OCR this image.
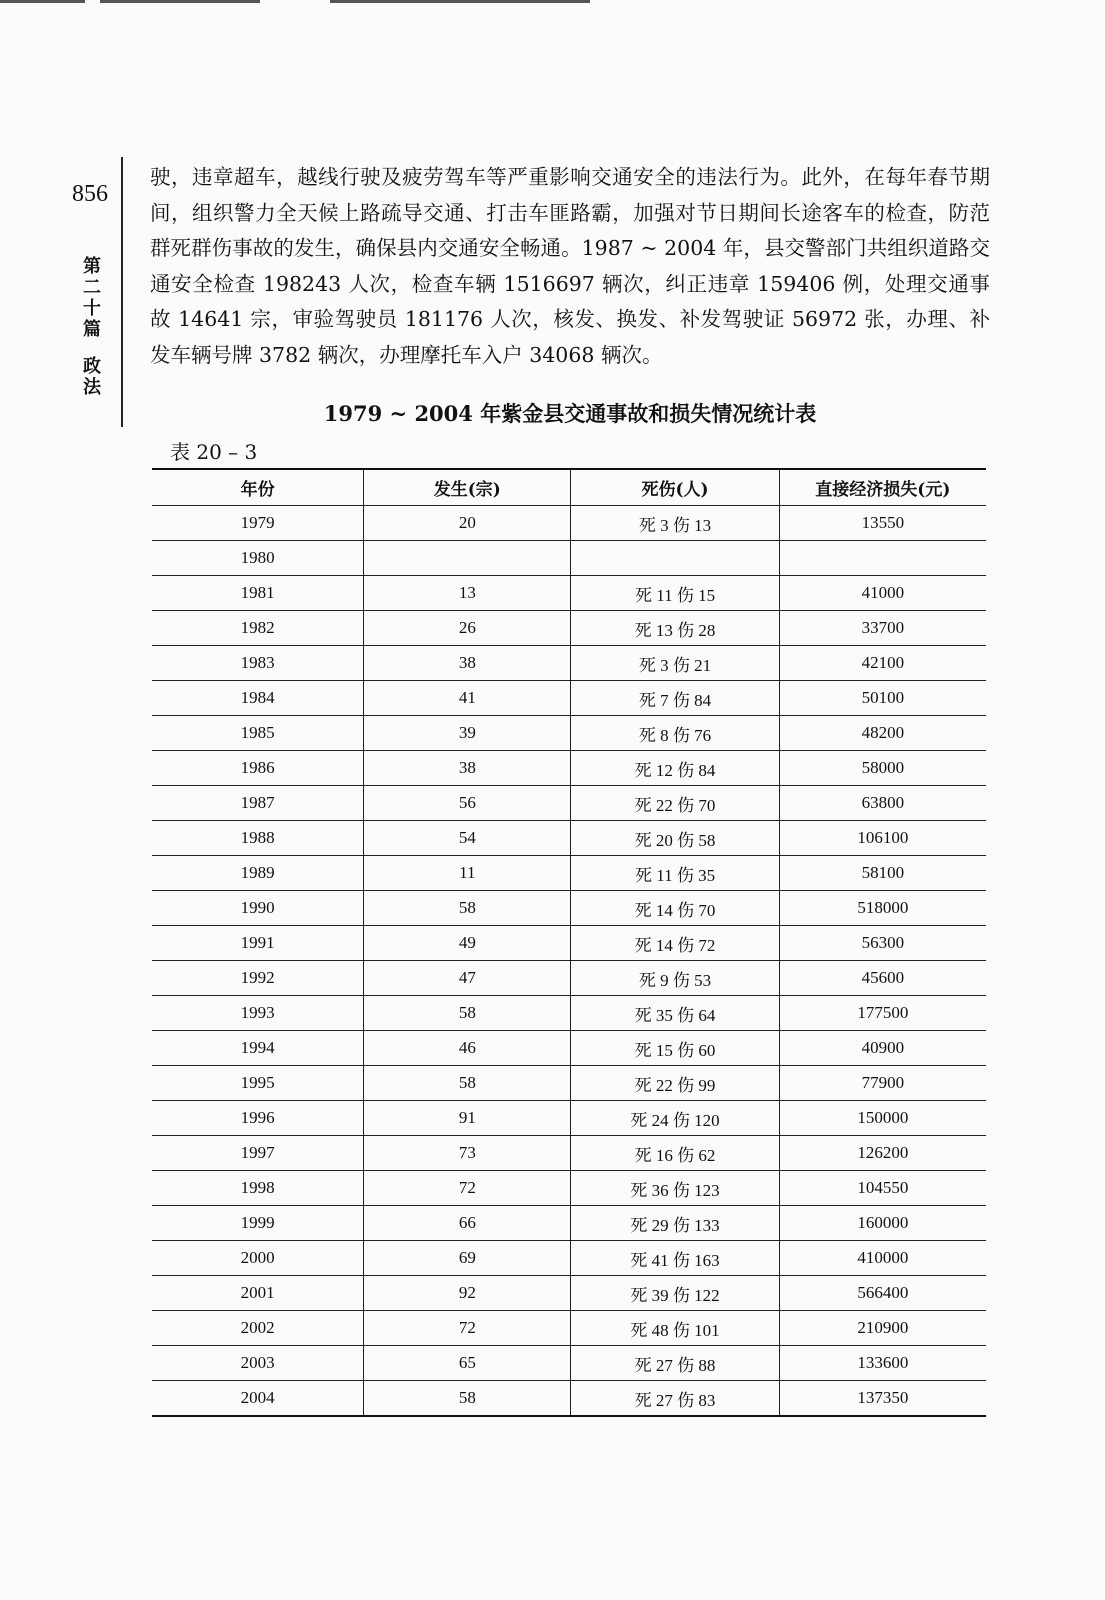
856
第
二
十
篇
政
法
驶，违章超车，越线行驶及疲劳驾车等严重影响交通安全的违法行为。此外，在每年春节期间，组织警力全天候上路疏导交通、打击车匪路霸，加强对节日期间长途客车的检查，防范群死群伤事故的发生，确保县内交通安全畅通。1987 ~ 2004 年，县交警部门共组织道路交通安全检查 198243 人次，检查车辆 1516697 辆次，纠正违章 159406 例，处理交通事故 14641 宗，审验驾驶员 181176 人次，核发、换发、补发驾驶证 56972 张，办理、补发车辆号牌 3782 辆次，办理摩托车入户 34068 辆次。
1979 ~ 2004 年紫金县交通事故和损失情况统计表
表 20 – 3
年份	发生(宗)	死伤(人)	直接经济损失(元)
1979	20	死 3 伤 13	13550
1980			
1981	13	死 11 伤 15	41000
1982	26	死 13 伤 28	33700
1983	38	死 3 伤 21	42100
1984	41	死 7 伤 84	50100
1985	39	死 8 伤 76	48200
1986	38	死 12 伤 84	58000
1987	56	死 22 伤 70	63800
1988	54	死 20 伤 58	106100
1989	11	死 11 伤 35	58100
1990	58	死 14 伤 70	518000
1991	49	死 14 伤 72	56300
1992	47	死 9 伤 53	45600
1993	58	死 35 伤 64	177500
1994	46	死 15 伤 60	40900
1995	58	死 22 伤 99	77900
1996	91	死 24 伤 120	150000
1997	73	死 16 伤 62	126200
1998	72	死 36 伤 123	104550
1999	66	死 29 伤 133	160000
2000	69	死 41 伤 163	410000
2001	92	死 39 伤 122	566400
2002	72	死 48 伤 101	210900
2003	65	死 27 伤 88	133600
2004	58	死 27 伤 83	137350
